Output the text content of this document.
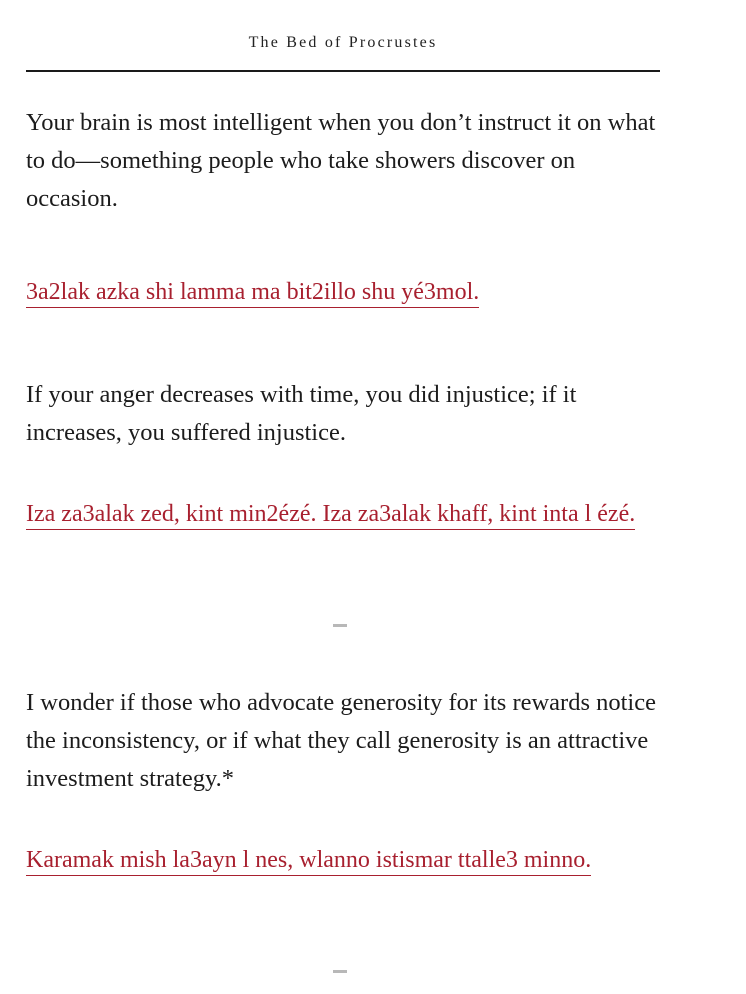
The Bed of Procrustes
Your brain is most intelligent when you don’t instruct it on what to do—something people who take showers discover on occasion.
3a2lak azka shi lamma ma bit2illo shu yé3mol.
If your anger decreases with time, you did injustice; if it increases, you suffered injustice.
Iza za3alak zed, kint min2ézé. Iza za3alak khaff, kint inta l ézé.
I wonder if those who advocate generosity for its rewards notice the inconsistency, or if what they call generosity is an attractive investment strategy.*
Karamak mish la3ayn l nes, wlanno istismar ttalle3 minno.
